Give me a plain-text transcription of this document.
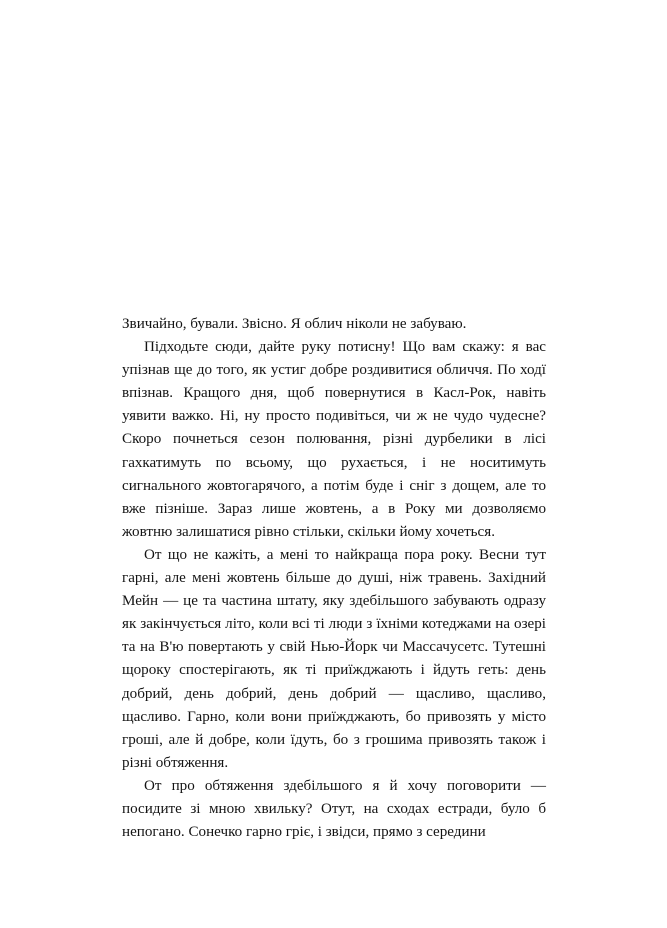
Звичайно, бували. Звісно. Я облич ніколи не забуваю.

Підходьте сюди, дайте руку потисну! Що вам скажу: я вас упізнав ще до того, як устиг добре роздивитися обличчя. По ходї впізнав. Кращого дня, щоб повернутися в Касл-Рок, навіть уявити важко. Ні, ну просто подивіться, чи ж не чудо чудесне? Скоро почнеться сезон полювання, різні дурбелики в лісі гахкатимуть по всьому, що рухається, і не носитимуть сигнального жовтогарячого, а потім буде і сніг з дощем, але то вже пізніше. Зараз лише жовтень, а в Року ми дозволяємо жовтню залишатися рівно стільки, скільки йому хочеться.

От що не кажіть, а мені то найкраща пора року. Весни тут гарні, але мені жовтень більше до душі, ніж травень. Західний Мейн — це та частина штату, яку здебільшого забувають одразу як закінчується літо, коли всі ті люди з їхніми котеджами на озері та на В'ю повертають у свій Нью-Йорк чи Массачусетс. Тутешні щороку спостерігають, як ті приїжджають і йдуть геть: день добрий, день добрий, день добрий — щасливо, щасливо, щасливо. Гарно, коли вони приїжджають, бо привозять у місто гроші, але й добре, коли їдуть, бо з грошима привозять також і різні обтяження.

От про обтяження здебільшого я й хочу поговорити — посидите зі мною хвильку? Отут, на сходах естради, було б непогано. Сонечко гарно гріє, і звідси, прямо з середини
